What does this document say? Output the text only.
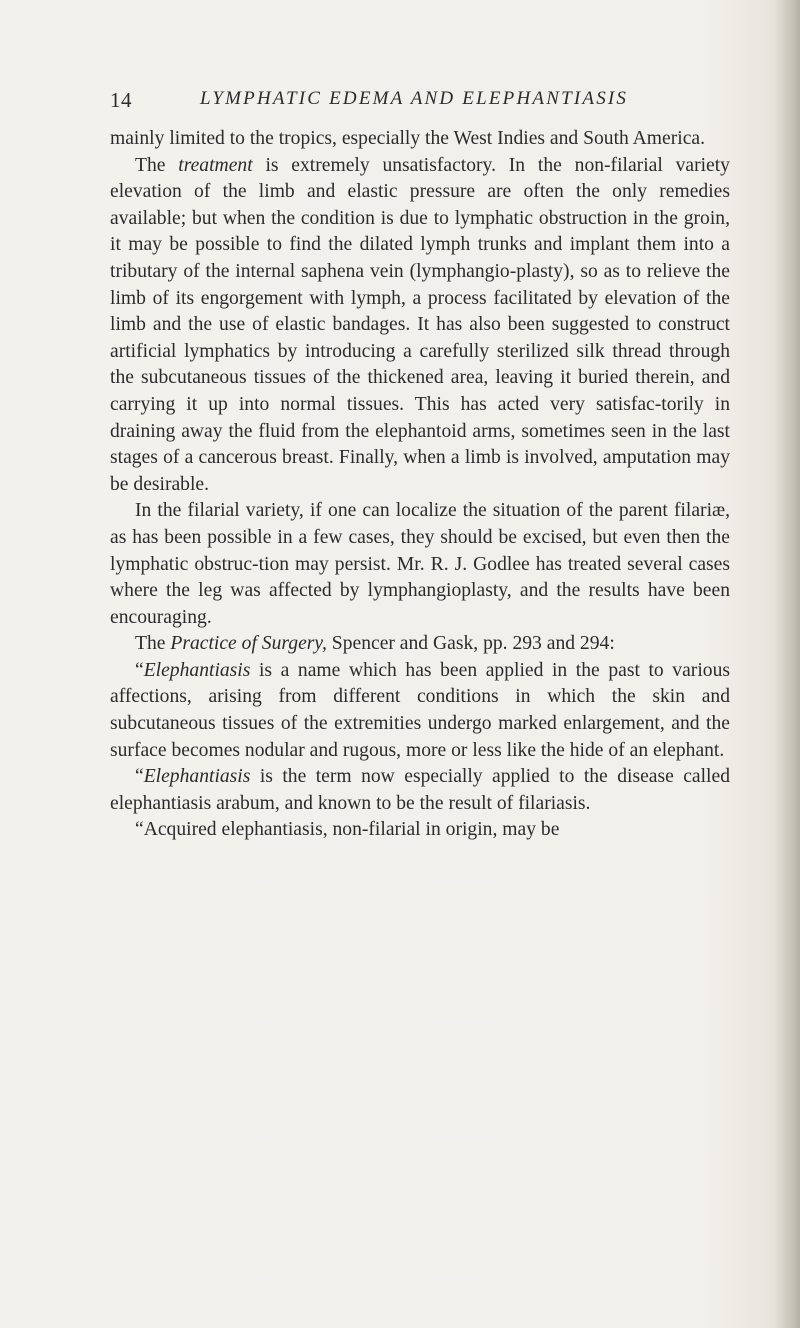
14	LYMPHATIC EDEMA AND ELEPHANTIASIS

mainly limited to the tropics, especially the West Indies and South America.

The treatment is extremely unsatisfactory. In the non-filarial variety elevation of the limb and elastic pressure are often the only remedies available; but when the condition is due to lymphatic obstruction in the groin, it may be possible to find the dilated lymph trunks and implant them into a tributary of the internal saphena vein (lymphangio-plasty), so as to relieve the limb of its engorgement with lymph, a process facilitated by elevation of the limb and the use of elastic bandages. It has also been suggested to construct artificial lymphatics by introducing a carefully sterilized silk thread through the subcutaneous tissues of the thickened area, leaving it buried therein, and carrying it up into normal tissues. This has acted very satisfac-torily in draining away the fluid from the elephantoid arms, sometimes seen in the last stages of a cancerous breast. Finally, when a limb is involved, amputation may be desirable.

In the filarial variety, if one can localize the situation of the parent filariæ, as has been possible in a few cases, they should be excised, but even then the lymphatic obstruc-tion may persist. Mr. R. J. Godlee has treated several cases where the leg was affected by lymphangioplasty, and the results have been encouraging.

The Practice of Surgery, Spencer and Gask, pp. 293 and 294:

“Elephantiasis is a name which has been applied in the past to various affections, arising from different conditions in which the skin and subcutaneous tissues of the extremities undergo marked enlargement, and the surface becomes nodular and rugous, more or less like the hide of an elephant.

“Elephantiasis is the term now especially applied to the disease called elephantiasis arabum, and known to be the result of filariasis.

“Acquired elephantiasis, non-filarial in origin, may be
